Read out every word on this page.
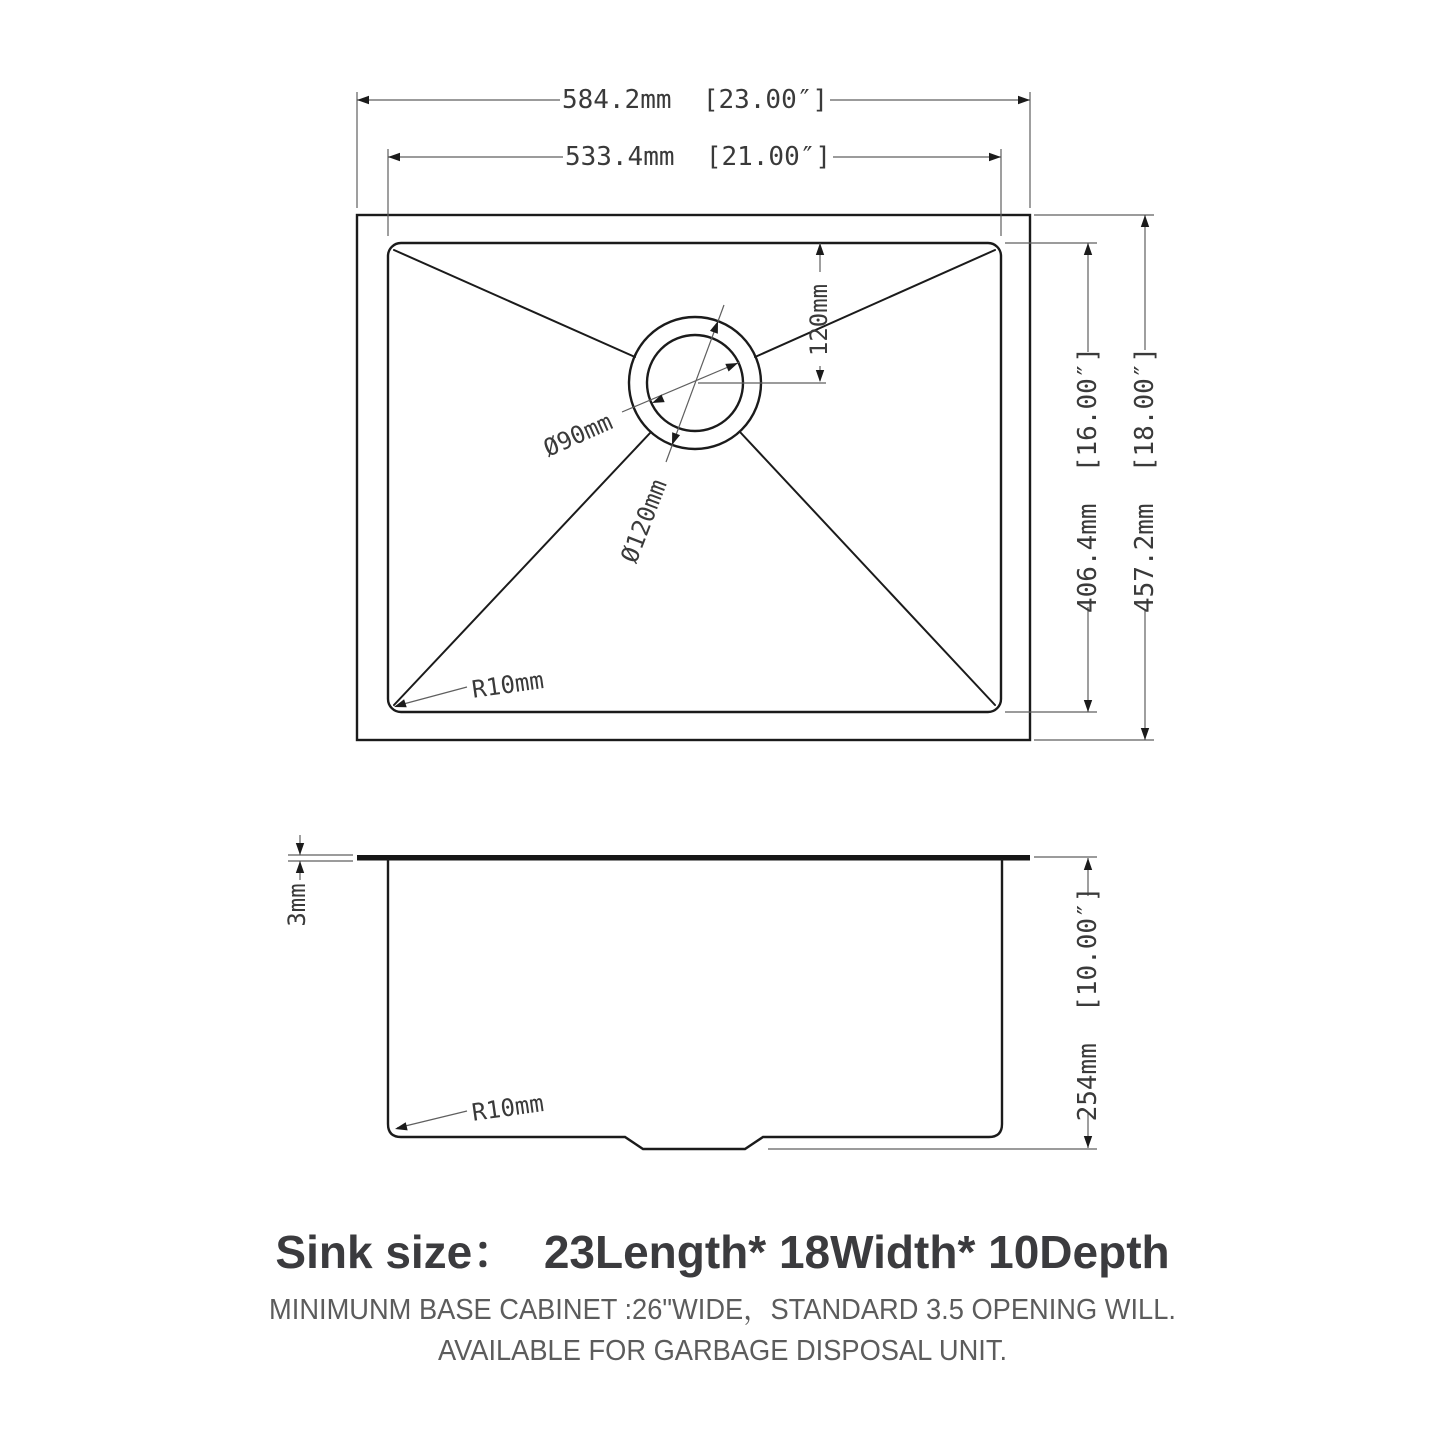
584.2mm  [23.00″]
533.4mm  [21.00″]
406.4mm  [16.00″] 457.2mm  [18.00″]
120mm
Ø90mm
Ø120mm
R10mm
3mm	254mm  [10.00″]
R10mm
Sink size：  23Length* 18Width* 10Depth
MINIMUNM BASE CABINET :26"WIDE，STANDARD 3.5 OPENING WILL.
AVAILABLE FOR GARBAGE DISPOSAL UNIT.
